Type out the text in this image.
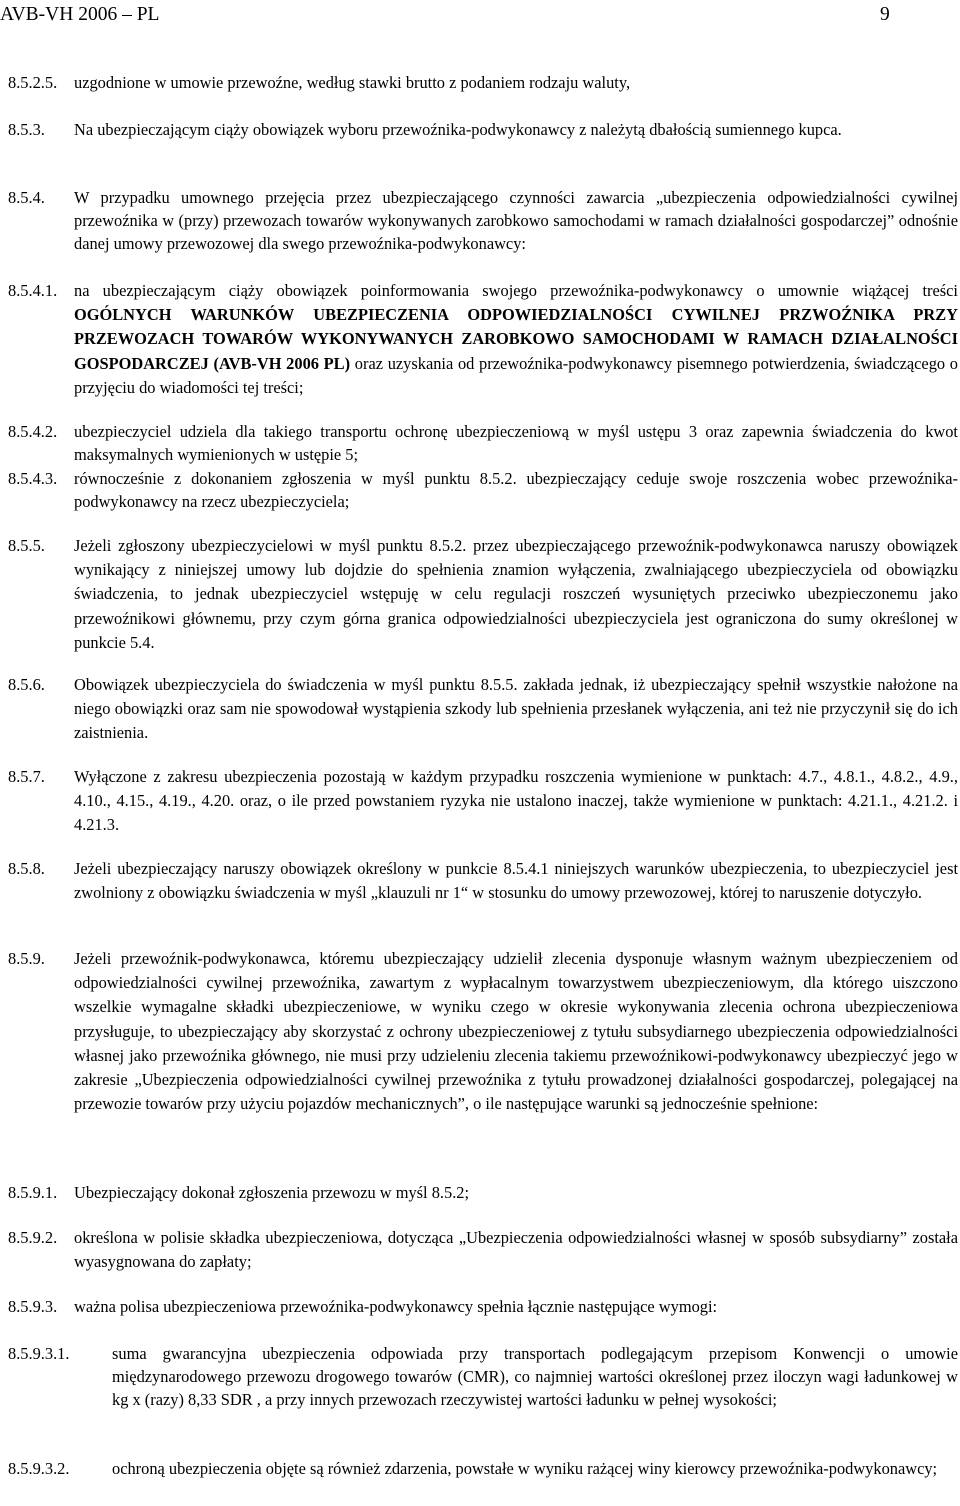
AVB-VH 2006 – PL	9
8.5.2.5. uzgodnione w umowie przewoźne, według stawki brutto z podaniem rodzaju waluty,
8.5.3. Na ubezpieczającym ciąży obowiązek wyboru przewoźnika-podwykonawcy z należytą dbałością sumiennego kupca.
8.5.4. W przypadku umownego przejęcia przez ubezpieczającego czynności zawarcia „ubezpieczenia odpowiedzialności cywilnej przewoźnika w (przy) przewozach towarów wykonywanych zarobkowo samochodami w ramach działalności gospodarczej” odnośnie danej umowy przewozowej dla swego przewoźnika-podwykonawcy:
8.5.4.1. na ubezpieczającym ciąży obowiązek poinformowania swojego przewoźnika-podwykonawcy o umownie wiążącej treści OGÓLNYCH WARUNKÓW UBEZPIECZENIA ODPOWIEDZIALNOŚCI CYWILNEJ PRZWOŹNIKA PRZY PRZEWOZACH TOWARÓW WYKONYWANYCH ZAROBKOWO SAMOCHODAMI W RAMACH DZIAŁALNOŚCI GOSPODARCZEJ (AVB-VH 2006 PL) oraz uzyskania od przewoźnika-podwykonawcy pisemnego potwierdzenia, świadczącego o przyjęciu do wiadomości tej treści;
8.5.4.2. ubezpieczyciel udziela dla takiego transportu ochronę ubezpieczeniową w myśl ustępu 3 oraz zapewnia świadczenia do kwot maksymalnych wymienionych w ustępie 5;
8.5.4.3. równocześnie z dokonaniem zgłoszenia w myśl punktu 8.5.2. ubezpieczający ceduje swoje roszczenia wobec przewoźnika-podwykonawcy na rzecz ubezpieczyciela;
8.5.5. Jeżeli zgłoszony ubezpieczycielowi w myśl punktu 8.5.2. przez ubezpieczającego przewoźnik-podwykonawca naruszy obowiązek wynikający z niniejszej umowy lub dojdzie do spełnienia znamion wyłączenia, zwalniającego ubezpieczyciela od obowiązku świadczenia, to jednak ubezpieczyciel wstępuję w celu regulacji roszczeń wysuniętych przeciwko ubezpieczonemu jako przewoźnikowi głównemu, przy czym górna granica odpowiedzialności ubezpieczyciela jest ograniczona do sumy określonej w punkcie 5.4.
8.5.6. Obowiązek ubezpieczyciela do świadczenia w myśl punktu 8.5.5. zakłada jednak, iż ubezpieczający spełnił wszystkie nałożone na niego obowiązki oraz sam nie spowodował wystąpienia szkody lub spełnienia przesłanek wyłączenia, ani też nie przyczynił się do ich zaistnienia.
8.5.7. Wyłączone z zakresu ubezpieczenia pozostają w każdym przypadku roszczenia wymienione w punktach: 4.7., 4.8.1., 4.8.2., 4.9., 4.10., 4.15., 4.19., 4.20. oraz, o ile przed powstaniem ryzyka nie ustalono inaczej, także wymienione w punktach: 4.21.1., 4.21.2. i 4.21.3.
8.5.8. Jeżeli ubezpieczający naruszy obowiązek określony w punkcie 8.5.4.1 niniejszych warunków ubezpieczenia, to ubezpieczyciel jest zwolniony z obowiązku świadczenia w myśl „klauzuli nr 1“ w stosunku do umowy przewozowej, której to naruszenie dotyczyło.
8.5.9. Jeżeli przewoźnik-podwykonawca, któremu ubezpieczający udzielił zlecenia dysponuje własnym ważnym ubezpieczeniem od odpowiedzialności cywilnej przewoźnika, zawartym z wypłacalnym towarzystwem ubezpieczeniowym, dla którego uiszczono wszelkie wymagalne składki ubezpieczeniowe, w wyniku czego w okresie wykonywania zlecenia ochrona ubezpieczeniowa przysługuje, to ubezpieczający aby skorzystać z ochrony ubezpieczeniowej z tytułu subsydiarnego ubezpieczenia odpowiedzialności własnej jako przewoźnika głównego, nie musi przy udzieleniu zlecenia takiemu przewoźnikowi-podwykonawcy ubezpieczyć jego w zakresie „Ubezpieczenia odpowiedzialności cywilnej przewoźnika z tytułu prowadzonej działalności gospodarczej, polegającej na przewozie towarów przy użyciu pojazdów mechanicznych”, o ile następujące warunki są jednocześnie spełnione:
8.5.9.1. Ubezpieczający dokonał zgłoszenia przewozu w myśl 8.5.2;
8.5.9.2. określona w polisie składka ubezpieczeniowa, dotycząca „Ubezpieczenia odpowiedzialności własnej w sposób subsydiarny” została wyasygnowana do zapłaty;
8.5.9.3. ważna polisa ubezpieczeniowa przewoźnika-podwykonawcy spełnia łącznie następujące wymogi:
8.5.9.3.1.	suma gwarancyjna ubezpieczenia odpowiada przy transportach podlegającym przepisom Konwencji o umowie międzynarodowego przewozu drogowego towarów (CMR), co najmniej wartości określonej przez iloczyn wagi ładunkowej w kg x (razy) 8,33 SDR , a przy innych przewozach rzeczywistej wartości ładunku w pełnej wysokości;
8.5.9.3.2.	ochroną ubezpieczenia objęte są również zdarzenia, powstałe w wyniku rażącej winy kierowcy przewoźnika-podwykonawcy;
